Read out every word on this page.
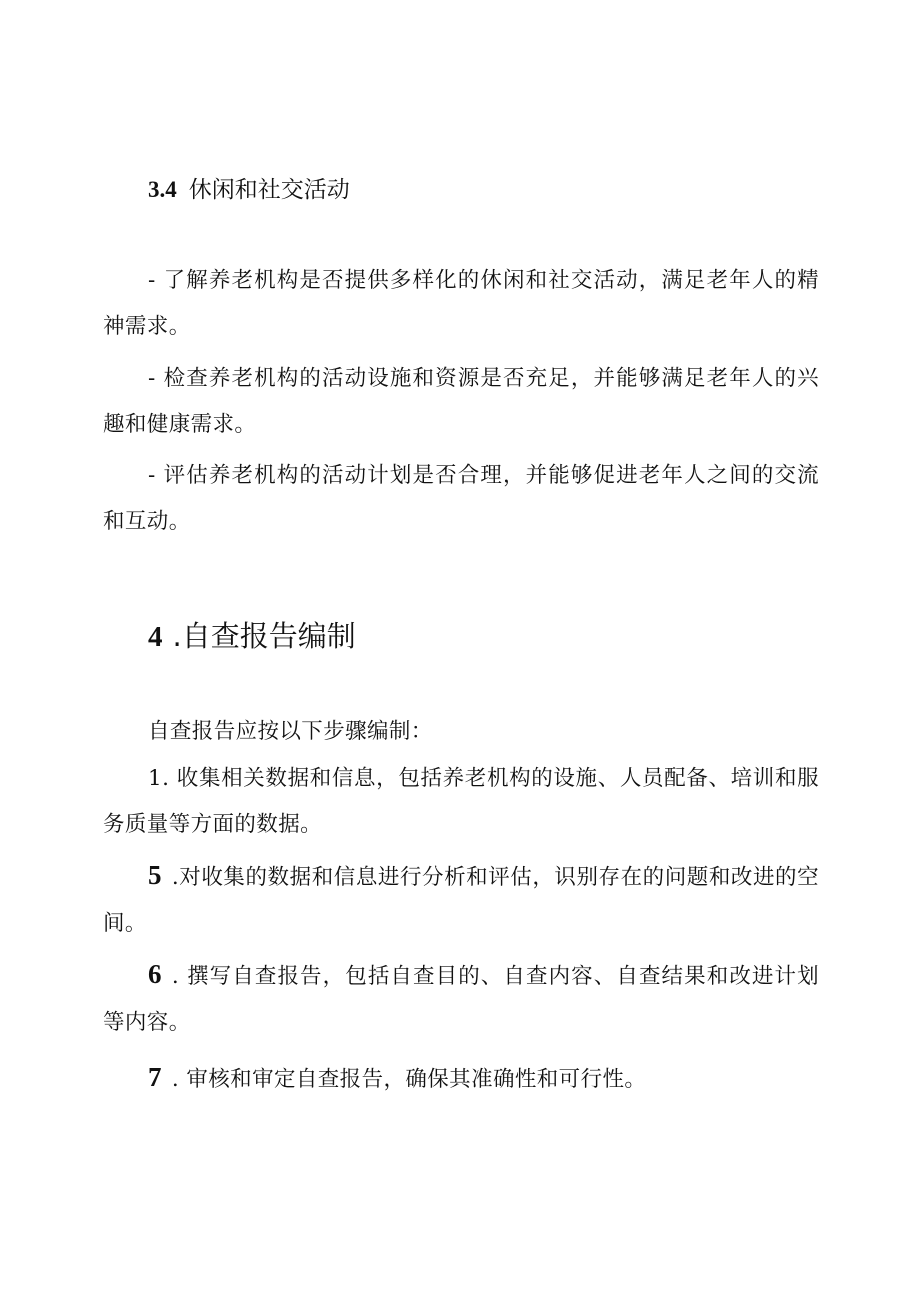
3.4 休闲和社交活动
- 了解养老机构是否提供多样化的休闲和社交活动，满足老年人的精神需求。
- 检查养老机构的活动设施和资源是否充足，并能够满足老年人的兴趣和健康需求。
- 评估养老机构的活动计划是否合理，并能够促进老年人之间的交流和互动。
4 .自查报告编制
自查报告应按以下步骤编制：
1. 收集相关数据和信息，包括养老机构的设施、人员配备、培训和服务质量等方面的数据。
5 .对收集的数据和信息进行分析和评估，识别存在的问题和改进的空间。
6 . 撰写自查报告，包括自查目的、自查内容、自查结果和改进计划等内容。
7 . 审核和审定自查报告，确保其准确性和可行性。
